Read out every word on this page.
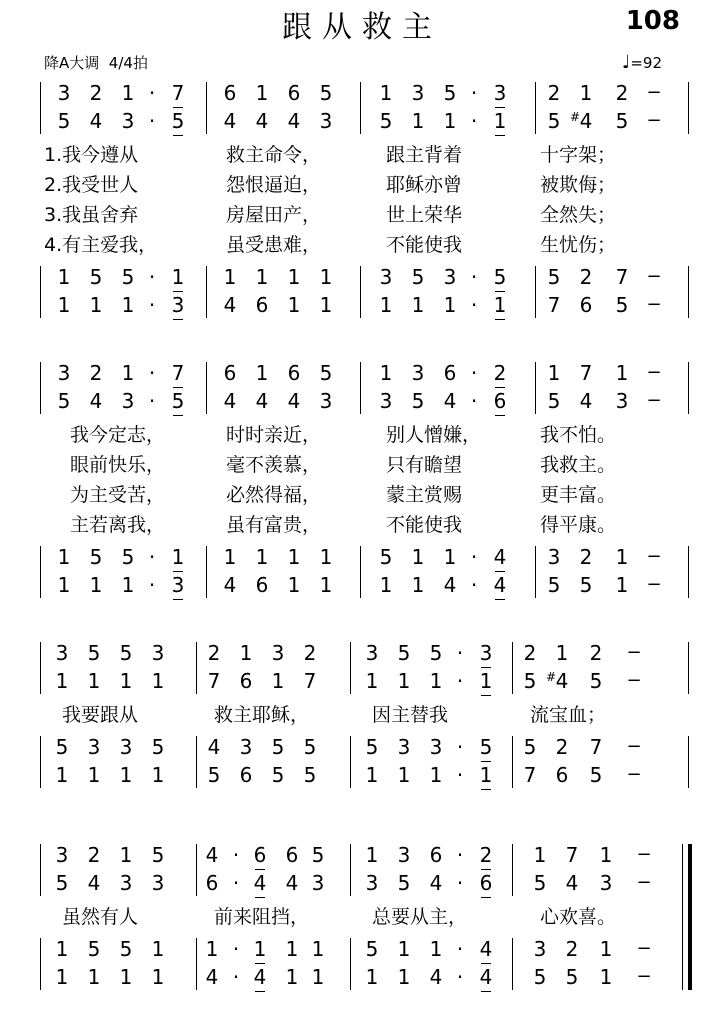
跟从救主	108
降A大调  4/4拍	♩=92
3 2 1 · 7 6 1 6 5 1 3 5 · 3 2 1 2	−
5 4 3 · 5 4 4 4 3 5 1 1 · 1 5 4
# 5	−
1 5 5 · 1 1 1 1 1 3 5 3 · 5 5 2 7	−
1 1 1 · 3 4 6 1 1 1 1 1 · 1 7 6 5	−
1.我今遵从	救主命令，	跟主背着	十字架；
2.我受世人	怨恨逼迫，	耶稣亦曾	被欺侮；
3.我虽舍弃	房屋田产，	世上荣华	全然失；
4.有主爱我，	虽受患难，	不能使我	生忧伤；
3 2 1 · 7 6 1 6 5 1 3 6 · 2 1 7 1	−
5 4 3 · 5 4 4 4 3 3 5 4 · 6 5 4 3	−
1 5 5 · 1 1 1 1 1 5 1 1 · 4 3 2 1	−
1 1 1 · 3 4 6 1 1 1 1 4 · 4 5 5 1	−
我今定志，	时时亲近，	别人憎嫌，	我不怕。
眼前快乐，	毫不羡慕，	只有瞻望	我救主。
为主受苦，	必然得福，	蒙主赏赐	更丰富。
主若离我，	虽有富贵，	不能使我	得平康。
3 5 5 3 2 1 3 2 3 5 5 · 3 2 1 2	−
1 1 1 1 7 6 1 7 1 1 1 · 1 5 4
# 5	−
5 3 3 5 4 3 5 5 5 3 3 · 5 5 2 7	−
1 1 1 1 5 6 5 5 1 1 1 · 1 7 6 5	−
我要跟从	救主耶稣，	因主替我	流宝血；
3 2 1 5 4 · 6 6 5 1 3 6 · 2 1 7 1	−
5 4 3 3 6 · 4 4 3 3 5 4 · 6 5 4 3	−
1 5 5 1 1 · 1 1 1 5 1 1 · 4 3 2 1	−
1 1 1 1 4 · 4 1 1 1 1 4 · 4 5 5 1	−
虽然有人	前来阻挡，	总要从主，	心欢喜。
